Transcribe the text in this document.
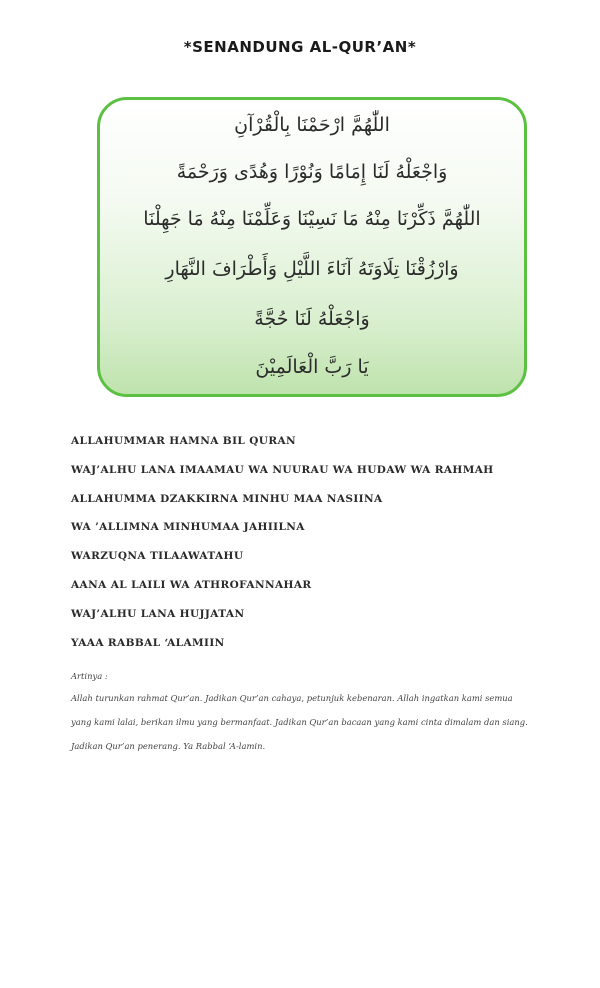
*SENANDUNG AL-QUR’AN*
اللّٰهُمَّ ارْحَمْنَا بِالْقُرْآنِ
وَاجْعَلْهُ لَنَا إِمَامًا وَنُوْرًا وَهُدًى وَرَحْمَةً
اللّٰهُمَّ ذَكِّرْنَا مِنْهُ مَا نَسِيْنَا وَعَلِّمْنَا مِنْهُ مَا جَهِلْنَا
وَارْزُقْنَا تِلَاوَتَهُ آنَاءَ اللَّيْلِ وَأَطْرَافَ النَّهَارِ
وَاجْعَلْهُ لَنَا حُجَّةً
يَا رَبَّ الْعَالَمِيْنَ
ALLAHUMMAR HAMNA BIL QURAN
WAJ’ALHU LANA IMAAMAU WA NUURAU WA HUDAW WA RAHMAH
ALLAHUMMA DZAKKIRNA MINHU MAA NASIINA
WA ’ALLIMNA MINHUMAA JAHIILNA
WARZUQNA TILAAWATAHU
AANA AL LAILI WA ATHROFANNAHAR
WAJ’ALHU LANA HUJJATAN
YAAA RABBAL ‘ALAMIIN
Artinya :
Allah turunkan rahmat Qur’an. Jadikan Qur’an cahaya, petunjuk kebenaran. Allah ingatkan kami semua yang kami lalai, berikan ilmu yang bermanfaat. Jadikan Qur’an bacaan yang kami cinta dimalam dan siang. Jadikan Qur’an penerang. Ya Rabbal ‘A-lamin.
